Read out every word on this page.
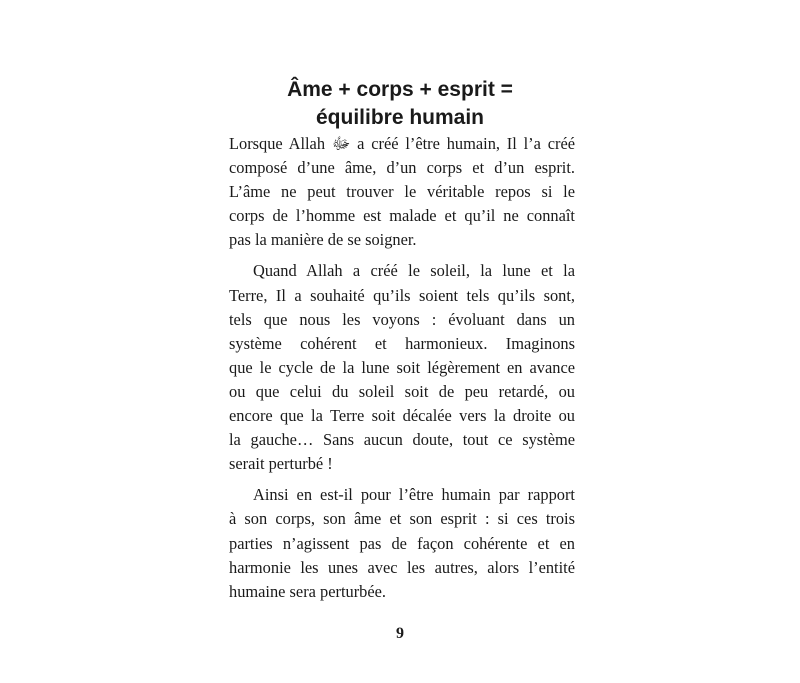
Âme + corps + esprit =
équilibre humain

Lorsque Allah ﷻ a créé l’être humain, Il l’a créé
composé d’une âme, d’un corps et d’un esprit.
L’âme ne peut trouver le véritable repos si le
corps de l’homme est malade et qu’il ne connaît
pas la manière de se soigner.

Quand Allah a créé le soleil, la lune et la
Terre, Il a souhaité qu’ils soient tels qu’ils sont,
tels que nous les voyons : évoluant dans un
système cohérent et harmonieux. Imaginons
que le cycle de la lune soit légèrement en avance
ou que celui du soleil soit de peu retardé, ou
encore que la Terre soit décalée vers la droite ou
la gauche… Sans aucun doute, tout ce système
serait perturbé !

Ainsi en est-il pour l’être humain par rapport
à son corps, son âme et son esprit : si ces trois
parties n’agissent pas de façon cohérente et en
harmonie les unes avec les autres, alors l’entité
humaine sera perturbée.

9
